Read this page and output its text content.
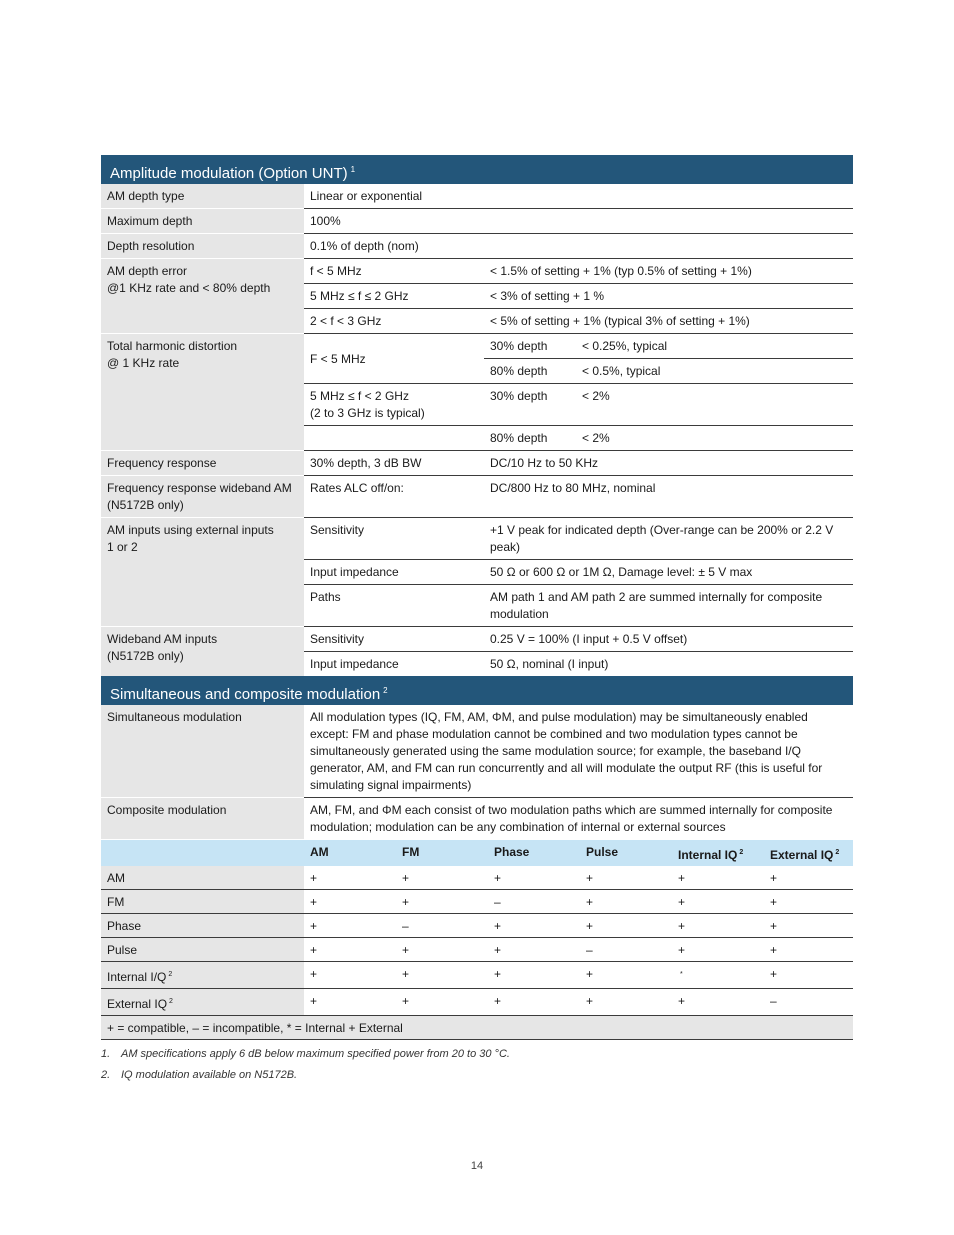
Amplitude modulation (Option UNT) $^1$
AM depth type	Linear or exponential	
Maximum depth	100%	
Depth resolution	0.1% of depth (nom)	
AM depth error
@1 KHz rate and < 80% depth	f < 5 MHz	< 1.5% of setting + 1% (typ 0.5% of setting + 1%)
	5 MHz ≤ f ≤ 2 GHz	< 3% of setting + 1 %
	2 < f < 3 GHz	< 5% of setting + 1% (typical 3% of setting + 1%)
Total harmonic distortion
@ 1 KHz rate	F < 5 MHz	30% depth < 0.25%, typical
		80% depth < 0.5%, typical
	5 MHz ≤ f < 2 GHz
(2 to 3 GHz is typical)	30% depth < 2%
		80% depth < 2%
Frequency response	30% depth, 3 dB BW	DC/10 Hz to 50 KHz
Frequency response wideband AM
(N5172B only)	Rates ALC off/on:	DC/800 Hz to 80 MHz, nominal
AM inputs using external inputs
1 or 2	Sensitivity	+1 V peak for indicated depth (Over-range can be 200% or 2.2 V peak)
	Input impedance	50 Ω or 600 Ω or 1M Ω, Damage level: ± 5 V max
	Paths	AM path 1 and AM path 2 are summed internally for composite modulation
Wideband AM inputs
(N5172B only)	Sensitivity	0.25 V = 100% (I input + 0.5 V offset)
	Input impedance	50 Ω, nominal (I input)
Simultaneous and composite modulation $^2$
Simultaneous modulation	All modulation types (IQ, FM, AM, ΦM, and pulse modulation) may be simultaneously enabled except: FM and phase modulation cannot be combined and two modulation types cannot be simultaneously generated using the same modulation source; for example, the baseband I/Q generator, AM, and FM can run concurrently and all will modulate the output RF (this is useful for simulating signal impairments)
Composite modulation	AM, FM, and ΦM each consist of two modulation paths which are summed internally for composite modulation; modulation can be any combination of internal or external sources
	AM	FM	Phase	Pulse	Internal IQ $^2$	External IQ $^2$
AM	+	+	+	+	+	+
FM	+	+	–	+	+	+
Phase	+	–	+	+	+	+
Pulse	+	+	+	–	+	+
Internal I/Q $^2$	+	+	+	+	*	+
External IQ $^2$	+	+	+	+	+	–
+ = compatible, – = incompatible, * = Internal + External
1. AM specifications apply 6 dB below maximum specified power from 20 to 30 °C.
2. IQ modulation available on N5172B.
14
